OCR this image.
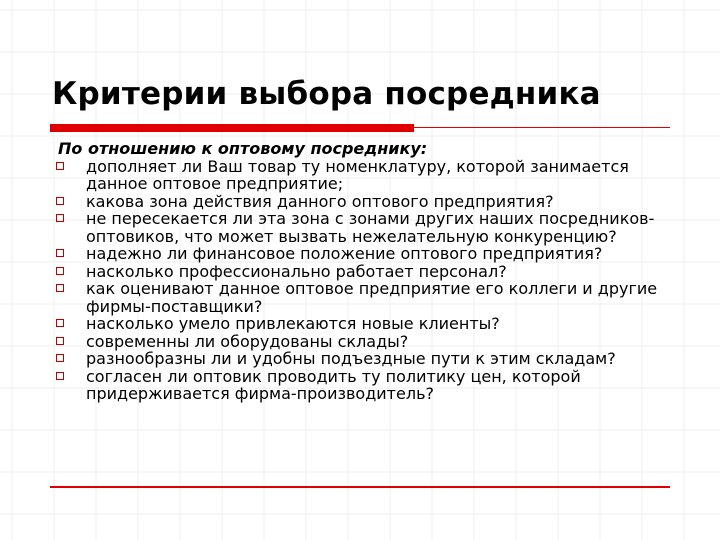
Критерии выбора посредника
По отношению к оптовому посреднику:
дополняет ли Ваш товар ту номенклатуру, которой занимается данное оптовое предприятие;
какова зона действия данного оптового предприятия?
не пересекается ли эта зона с зонами других наших посредников-оптовиков, что может вызвать нежелательную конкуренцию?
надежно ли финансовое положение оптового предприятия?
насколько профессионально работает персонал?
как оценивают данное оптовое предприятие его коллеги и другие фирмы-поставщики?
насколько умело привлекаются новые клиенты?
современны ли оборудованы склады?
разнообразны ли и удобны подъездные пути к этим складам?
согласен ли оптовик проводить ту политику цен, которой придерживается фирма-производитель?
